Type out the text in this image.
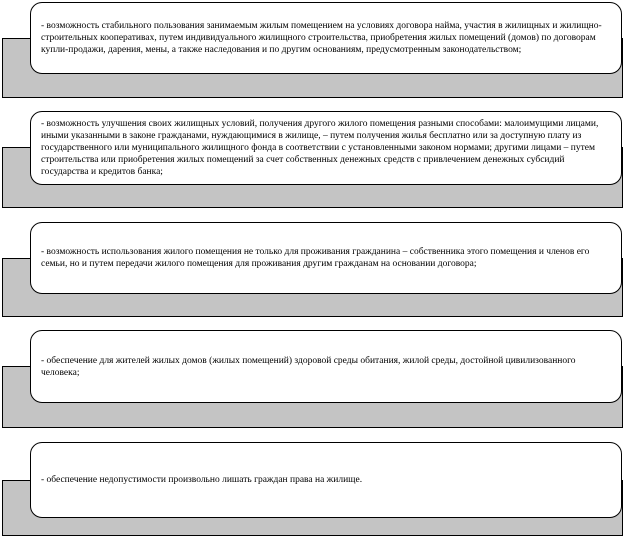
- возможность стабильного пользования занимаемым жилым помещением на условиях договора найма, участия в жилищных и жилищно-строительных кооперативах, путем индивидуального жилищного строительства, приобретения жилых помещений (домов) по договорам купли-продажи, дарения, мены, а также наследования и по другим основаниям, предусмотренным законодательством;
- возможность улучшения своих жилищных условий, получения другого жилого помещения разными способами: малоимущими лицами, иными указанными в законе гражданами, нуждающимися в жилище, – путем получения жилья бесплатно или за доступную плату из государственного или муниципального жилищного фонда в соответствии с установленными законом нормами; другими лицами – путем строительства или приобретения жилых помещений за счет собственных денежных средств с привлечением денежных субсидий государства и кредитов банка;
- возможность использования жилого помещения не только для проживания гражданина – собственника этого помещения и членов его семьи, но и путем передачи жилого помещения для проживания другим гражданам на основании договора;
- обеспечение для жителей жилых домов (жилых помещений) здоровой среды обитания, жилой среды, достойной цивилизованного человека;
- обеспечение недопустимости произвольно лишать граждан права на жилище.
